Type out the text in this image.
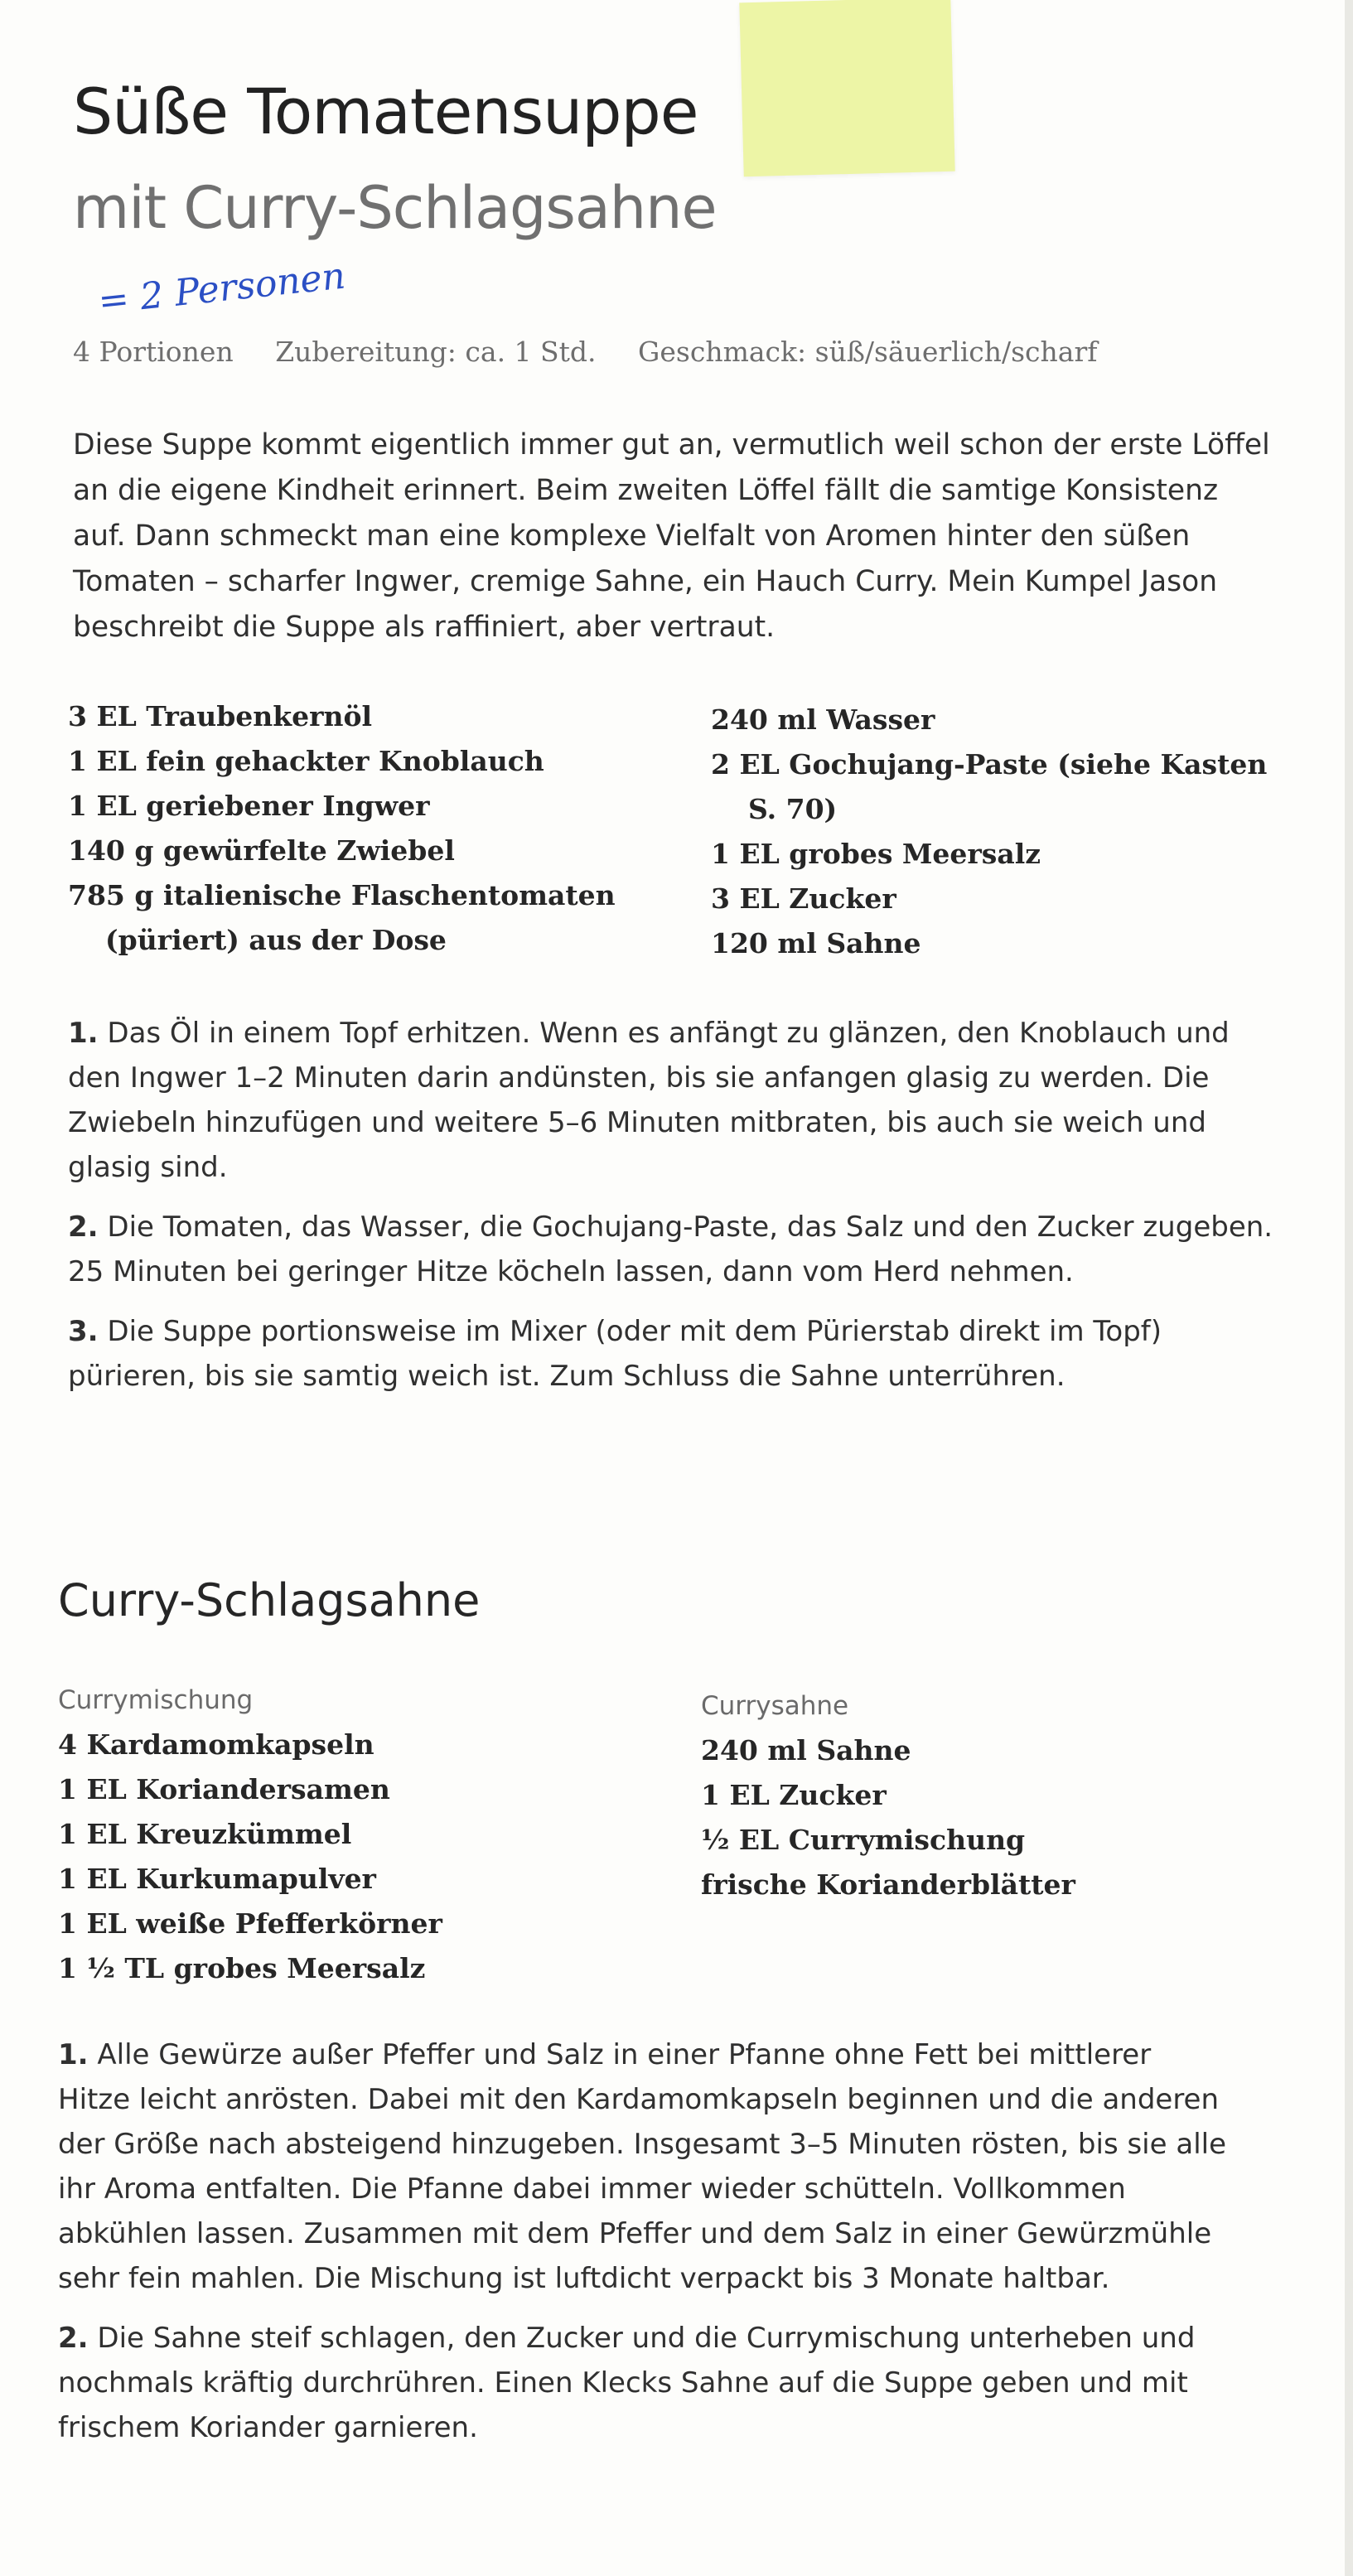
Süße Tomatensuppe
mit Curry-Schlagsahne
= 2 Personen
4 Portionen Zubereitung: ca. 1 Std. Geschmack: süß/säuerlich/scharf
Diese Suppe kommt eigentlich immer gut an, vermutlich weil schon der erste Löffel
an die eigene Kindheit erinnert. Beim zweiten Löffel fällt die samtige Konsistenz
auf. Dann schmeckt man eine komplexe Vielfalt von Aromen hinter den süßen
Tomaten – scharfer Ingwer, cremige Sahne, ein Hauch Curry. Mein Kumpel Jason
beschreibt die Suppe als raffiniert, aber vertraut.
3 EL Traubenkernöl
1 EL fein gehackter Knoblauch
1 EL geriebener Ingwer
140 g gewürfelte Zwiebel
785 g italienische Flaschentomaten
(püriert) aus der Dose
240 ml Wasser
2 EL Gochujang-Paste (siehe Kasten
S. 70)
1 EL grobes Meersalz
3 EL Zucker
120 ml Sahne

1. Das Öl in einem Topf erhitzen. Wenn es anfängt zu glänzen, den Knoblauch und
den Ingwer 1–2 Minuten darin andünsten, bis sie anfangen glasig zu werden. Die
Zwiebeln hinzufügen und weitere 5–6 Minuten mitbraten, bis auch sie weich und
glasig sind.

2. Die Tomaten, das Wasser, die Gochujang-Paste, das Salz und den Zucker zugeben.
25 Minuten bei geringer Hitze köcheln lassen, dann vom Herd nehmen.

3. Die Suppe portionsweise im Mixer (oder mit dem Pürierstab direkt im Topf)
pürieren, bis sie samtig weich ist. Zum Schluss die Sahne unterrühren.

Curry-Schlagsahne
Currymischung
4 Kardamomkapseln
1 EL Koriandersamen
1 EL Kreuzkümmel
1 EL Kurkumapulver
1 EL weiße Pfefferkörner
1 ½ TL grobes Meersalz
Currysahne
240 ml Sahne
1 EL Zucker
½ EL Currymischung
frische Korianderblätter

1. Alle Gewürze außer Pfeffer und Salz in einer Pfanne ohne Fett bei mittlerer
Hitze leicht anrösten. Dabei mit den Kardamomkapseln beginnen und die anderen
der Größe nach absteigend hinzugeben. Insgesamt 3–5 Minuten rösten, bis sie alle
ihr Aroma entfalten. Die Pfanne dabei immer wieder schütteln. Vollkommen
abkühlen lassen. Zusammen mit dem Pfeffer und dem Salz in einer Gewürzmühle
sehr fein mahlen. Die Mischung ist luftdicht verpackt bis 3 Monate haltbar.

2. Die Sahne steif schlagen, den Zucker und die Currymischung unterheben und
nochmals kräftig durchrühren. Einen Klecks Sahne auf die Suppe geben und mit
frischem Koriander garnieren.
